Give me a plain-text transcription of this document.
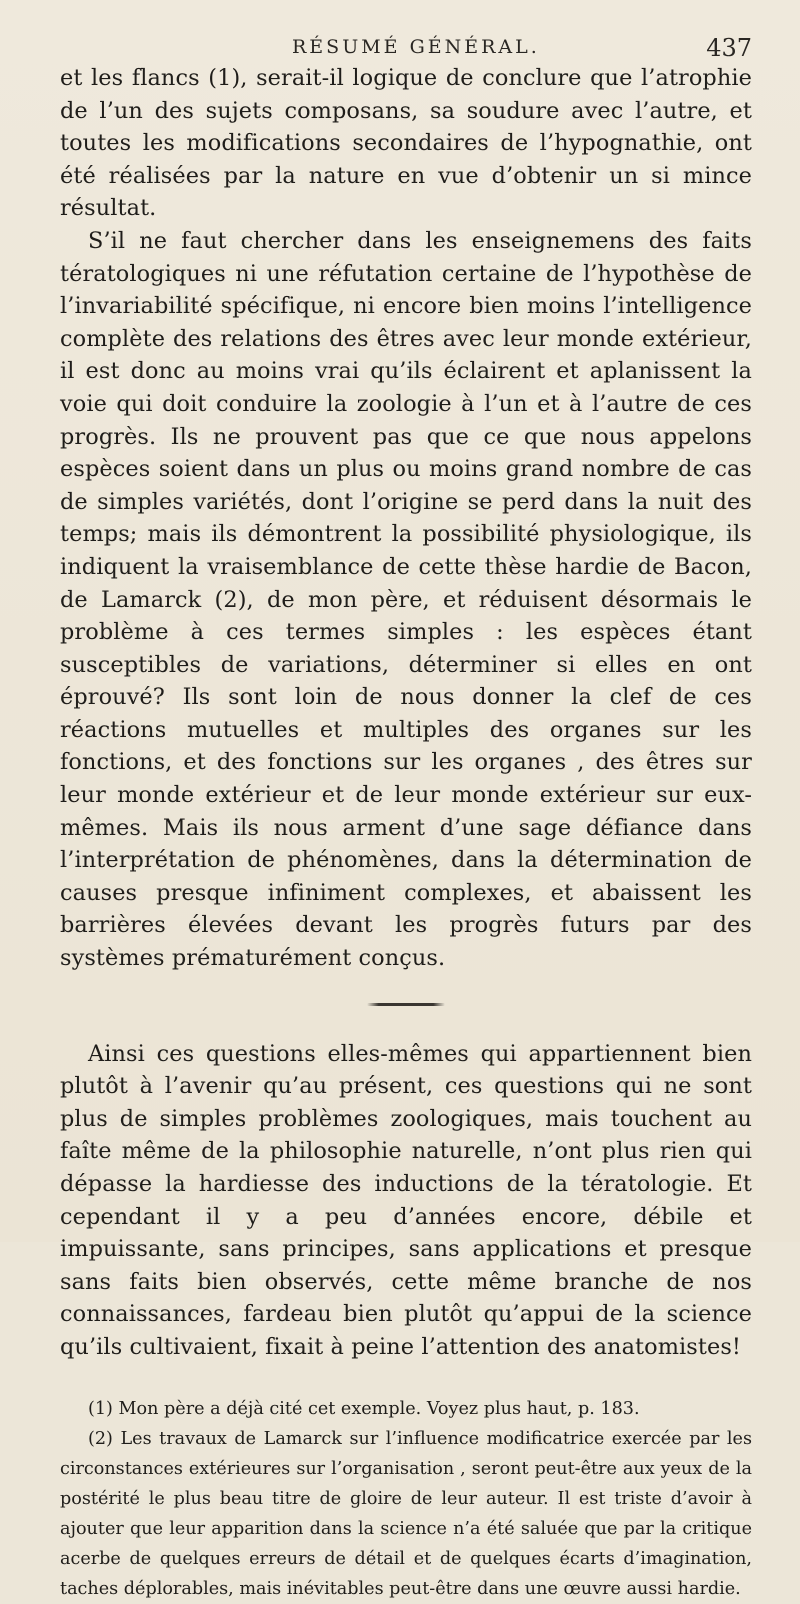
RÉSUMÉ GÉNÉRAL.	437

et les flancs (1), serait-il logique de conclure que l’atrophie de l’un des sujets composans, sa soudure avec l’autre, et toutes les modifications secondaires de l’hypognathie, ont été réalisées par la nature en vue d’obtenir un si mince résultat.

S’il ne faut chercher dans les enseignemens des faits tératologiques ni une réfutation certaine de l’hypothèse de l’invariabilité spécifique, ni encore bien moins l’intelligence complète des relations des êtres avec leur monde extérieur, il est donc au moins vrai qu’ils éclairent et aplanissent la voie qui doit conduire la zoologie à l’un et à l’autre de ces progrès. Ils ne prouvent pas que ce que nous appelons espèces soient dans un plus ou moins grand nombre de cas de simples variétés, dont l’origine se perd dans la nuit des temps; mais ils démontrent la possibilité physiologique, ils indiquent la vraisemblance de cette thèse hardie de Bacon, de Lamarck (2), de mon père, et réduisent désormais le problème à ces termes simples : les espèces étant susceptibles de variations, déterminer si elles en ont éprouvé? Ils sont loin de nous donner la clef de ces réactions mutuelles et multiples des organes sur les fonctions, et des fonctions sur les organes , des êtres sur leur monde extérieur et de leur monde extérieur sur eux-mêmes. Mais ils nous arment d’une sage défiance dans l’interprétation de phénomènes, dans la détermination de causes presque infiniment complexes, et abaissent les barrières élevées devant les progrès futurs par des systèmes prématurément conçus.

Ainsi ces questions elles-mêmes qui appartiennent bien plutôt à l’avenir qu’au présent, ces questions qui ne sont plus de simples problèmes zoologiques, mais touchent au faîte même de la philosophie naturelle, n’ont plus rien qui dépasse la hardiesse des inductions de la tératologie. Et cependant il y a peu d’années encore, débile et impuissante, sans principes, sans applications et presque sans faits bien observés, cette même branche de nos connaissances, fardeau bien plutôt qu’appui de la science qu’ils cultivaient, fixait à peine l’attention des anatomistes!

(1) Mon père a déjà cité cet exemple. Voyez plus haut, p. 183.

(2) Les travaux de Lamarck sur l’influence modificatrice exercée par les circonstances extérieures sur l’organisation , seront peut-être aux yeux de la postérité le plus beau titre de gloire de leur auteur. Il est triste d’avoir à ajouter que leur apparition dans la science n’a été saluée que par la critique acerbe de quelques erreurs de détail et de quelques écarts d’imagination, taches déplorables, mais inévitables peut-être dans une œuvre aussi hardie.
